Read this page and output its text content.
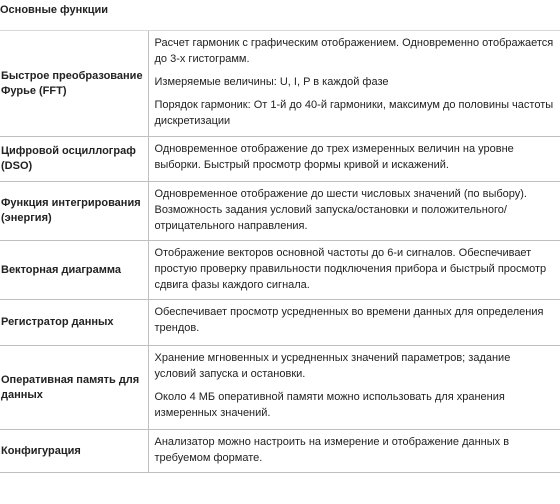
Основные функции	
Быстрое преобразование Фурье (FFT)	Расчет гармоник с графическим отображением. Одновременно отображается до 3-х гистограмм.

Измеряемые величины: U, I, P в каждой фазе

Порядок гармоник: От 1-й до 40-й гармоники, максимум до половины частоты дискретизации

Цифровой осциллограф (DSO)	Одновременное отображение до трех измеренных величин на уровне выборки. Быстрый просмотр формы кривой и искажений.

Функция интегрирования (энергия)	Одновременное отображение до шести числовых значений (по выбору). Возможность задания условий запуска/остановки и положительного/отрицательного направления.

Векторная диаграмма	Отображение векторов основной частоты до 6-и сигналов. Обеспечивает простую проверку правильности подключения прибора и быстрый просмотр сдвига фазы каждого сигнала.

Регистратор данных	Обеспечивает просмотр усредненных во времени данных для определения трендов.

Оперативная память для данных	Хранение мгновенных и усредненных значений параметров; задание условий запуска и остановки.

Около 4 МБ оперативной памяти можно использовать для хранения измеренных значений.

Конфигурация	Анализатор можно настроить на измерение и отображение данных в требуемом формате.
